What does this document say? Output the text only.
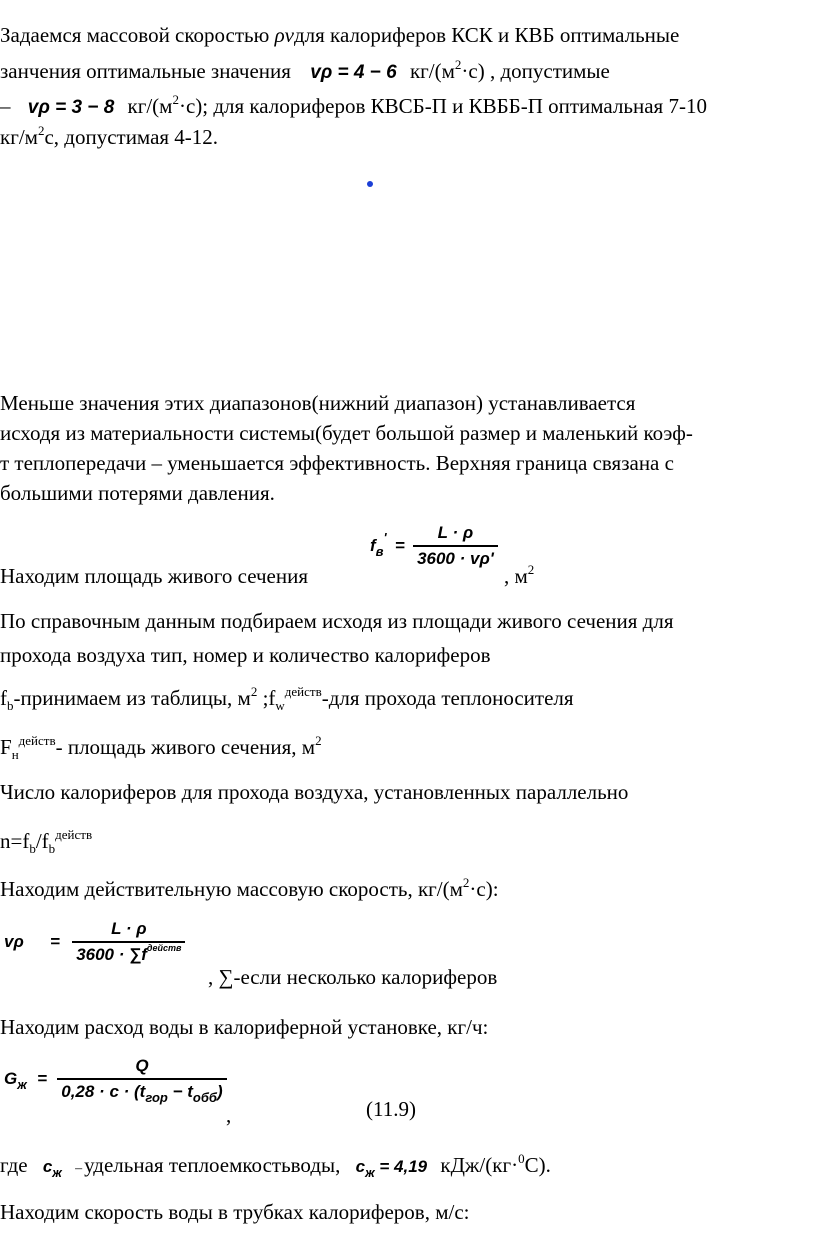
Задаемся массовой скоростью ρvдля калориферов КСК и КВБ оптимальные
занчения оптимальные значения vρ = 4 − 6 $кг/(м^2\cdot с)$ , допустимые
– vρ = 3 − 8 $кг/(м^2\cdot с)$; для калориферов КВСБ-П и КВББ-П оптимальная 7-10
$кг/м^2с$, допустимая 4-12.
Меньше значения этих диапазонов(нижний диапазон) устанавливается
исходя из материальности системы(будет большой размер и маленький коэф-
т теплопередачи – уменьшается эффективность. Верхняя граница связана с
большими потерями давления.
$f_в' = \frac{L \cdot \rho}{3600 \cdot v\rho'}$
Находим площадь живого сечения	, $м^2$
По справочным данным подбираем исходя из площади живого сечения для
прохода воздуха тип, номер и количество калориферов
$f_b$-принимаем из таблицы, $м^2$ $;f_w^{действ}$-для прохода теплоносителя
$F_н^{действ}-$ площадь живого сечения, $м^2$
Число калориферов для прохода воздуха, установленных параллельно
$n=f_b/f_b^{действ}$
Находим действительную массовую скорость, $кг/(м^2\cdot с)$:
$v\rho = \frac{L \cdot \rho}{3600 \cdot \sum f^{действ}}$
, ∑-если несколько калориферов
Находим расход воды в калориферной установке, кг/ч:
$G_ж = \frac{Q}{0,28 \cdot c \cdot (t_{гор} - t_{обб})}$
,	(11.9)
где $c_ж$ –удельная теплоемкостьводы, $c_ж = 4,19$ кДж/(кг·$^0$С).
Находим скорость воды в трубках калориферов, м/с:
